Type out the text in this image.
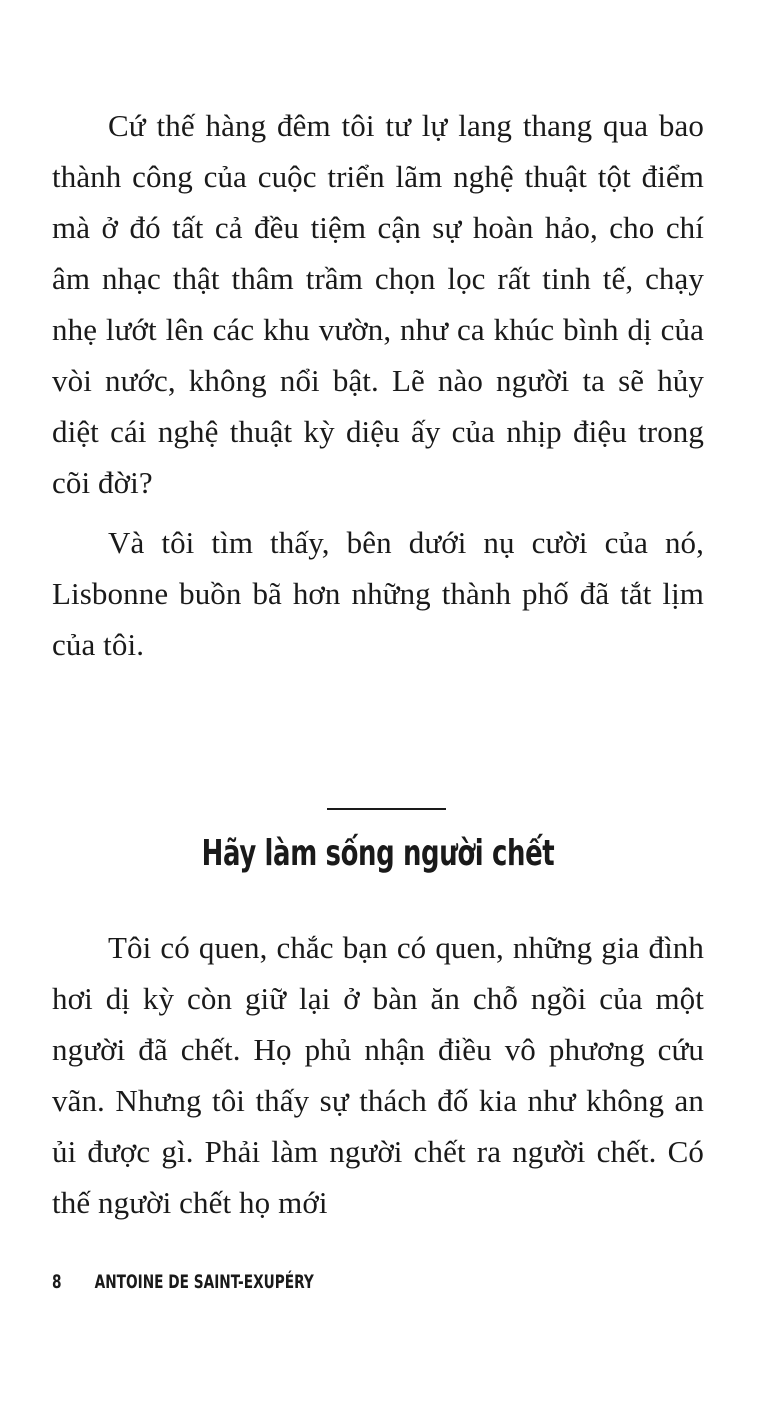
Cứ thế hàng đêm tôi tư lự lang thang qua bao thành công của cuộc triển lãm nghệ thuật tột điểm mà ở đó tất cả đều tiệm cận sự hoàn hảo, cho chí âm nhạc thật thâm trầm chọn lọc rất tinh tế, chạy nhẹ lướt lên các khu vườn, như ca khúc bình dị của vòi nước, không nổi bật. Lẽ nào người ta sẽ hủy diệt cái nghệ thuật kỳ diệu ấy của nhịp điệu trong cõi đời?

Và tôi tìm thấy, bên dưới nụ cười của nó, Lisbonne buồn bã hơn những thành phố đã tắt lịm của tôi.

Hãy làm sống người chết

Tôi có quen, chắc bạn có quen, những gia đình hơi dị kỳ còn giữ lại ở bàn ăn chỗ ngồi của một người đã chết. Họ phủ nhận điều vô phương cứu vãn. Nhưng tôi thấy sự thách đố kia như không an ủi được gì. Phải làm người chết ra người chết. Có thế người chết họ mới

8 ANTOINE DE SAINT-EXUPÉRY
